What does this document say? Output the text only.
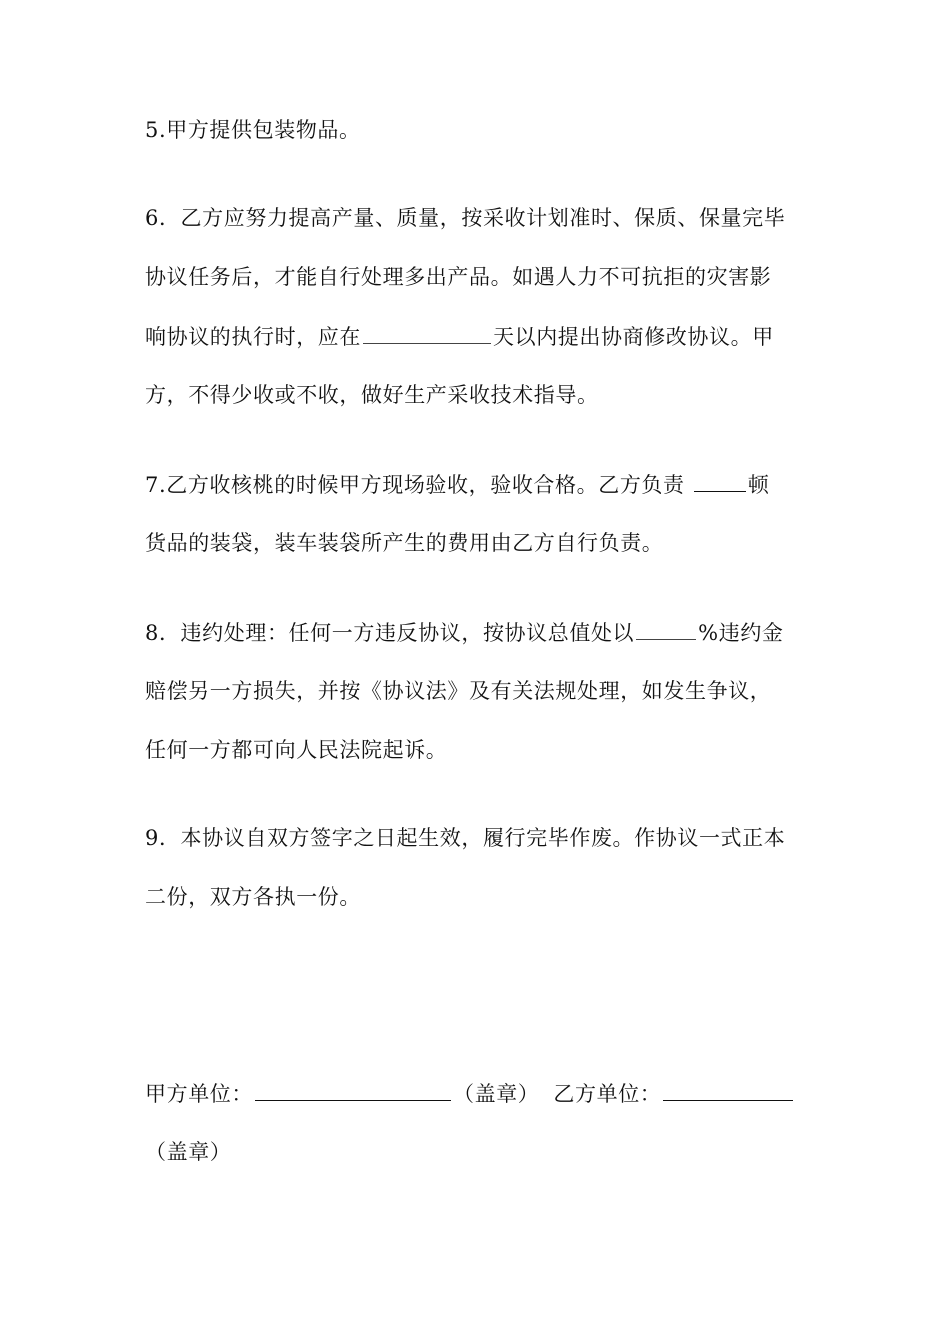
5.甲方提供包装物品。
6．乙方应努力提高产量、质量，按采收计划准时、保质、保量完毕
协议任务后，才能自行处理多出产品。如遇人力不可抗拒的灾害影
响协议的执行时，应在	天以内提出协商修改协议。甲
方，不得少收或不收，做好生产采收技术指导。
7.乙方收核桃的时候甲方现场验收，验收合格。乙方负责	顿
货品的装袋，装车装袋所产生的费用由乙方自行负责。
8．违约处理：任何一方违反协议，按协议总值处以	%违约金
赔偿另一方损失，并按《协议法》及有关法规处理，如发生争议，
任何一方都可向人民法院起诉。
9．本协议自双方签字之日起生效，履行完毕作废。作协议一式正本
二份，双方各执一份。
甲方单位：	（盖章） 乙方单位：
（盖章）
